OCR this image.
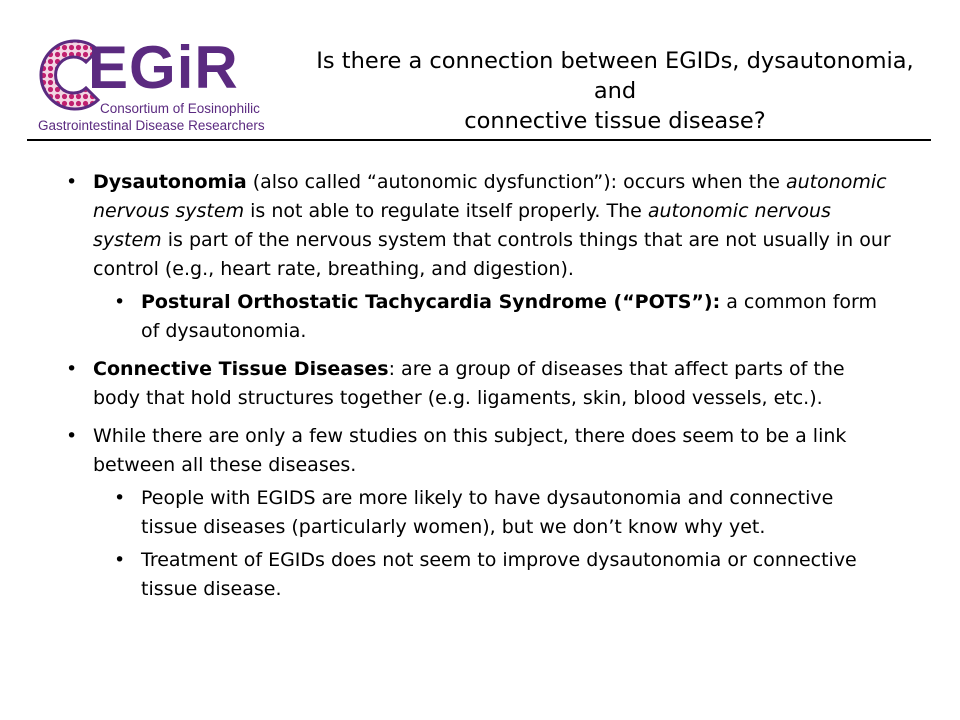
EGiR
Consortium of Eosinophilic
Gastrointestinal Disease Researchers
Is there a connection between EGIDs, dysautonomia, and
connective tissue disease?
• Dysautonomia (also called “autonomic dysfunction”): occurs when the autonomic nervous system is not able to regulate itself properly. The autonomic nervous system is part of the nervous system that controls things that are not usually in our control (e.g., heart rate, breathing, and digestion).
• Postural Orthostatic Tachycardia Syndrome (“POTS”): a common form of dysautonomia.
• Connective Tissue Diseases: are a group of diseases that affect parts of the body that hold structures together (e.g. ligaments, skin, blood vessels, etc.).
• While there are only a few studies on this subject, there does seem to be a link between all these diseases.
• People with EGIDS are more likely to have dysautonomia and connective tissue diseases (particularly women), but we don’t know why yet.
• Treatment of EGIDs does not seem to improve dysautonomia or connective tissue disease.
